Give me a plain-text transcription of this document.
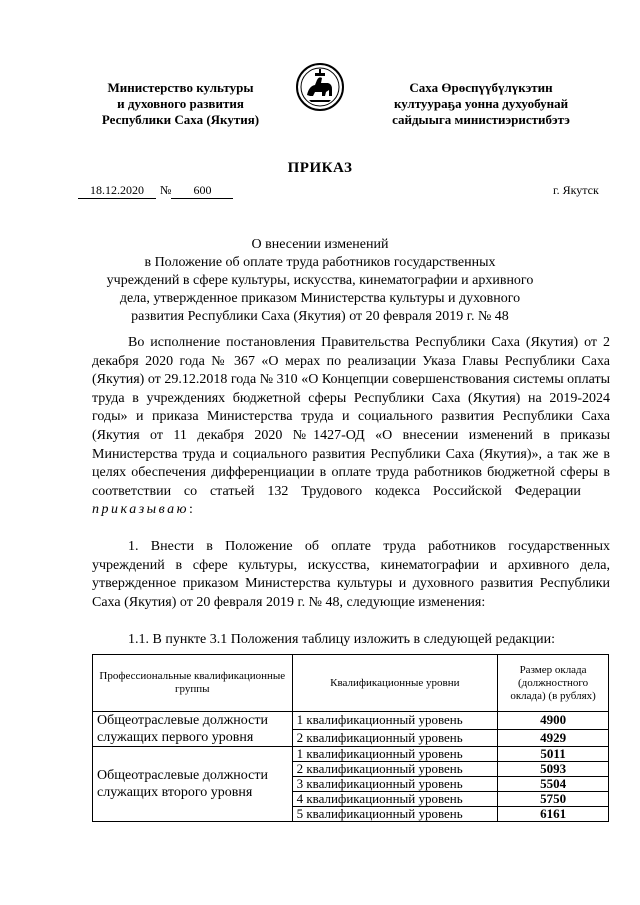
Министерство культуры
и духовного развития
Республики Саха (Якутия)
Саха Өрөспүүбүлүкэтин
култуураҕа уонна духуобунай
сайдыыга министиэристибэтэ
ПРИКАЗ
18.12.2020 № 600	г. Якутск
О внесении изменений
в Положение об оплате труда работников государственных
учреждений в сфере культуры, искусства, кинематографии и архивного
дела, утвержденное приказом Министерства культуры и духовного
развития Республики Саха (Якутия) от 20 февраля 2019 г. № 48
Во исполнение постановления Правительства Республики Саха (Якутия) от 2 декабря 2020 года № 367 «О мерах по реализации Указа Главы Республики Саха (Якутия) от 29.12.2018 года № 310 «О Концепции совершенствования системы оплаты труда в учреждениях бюджетной сферы Республики Саха (Якутия) на 2019-2024 годы» и приказа Министерства труда и социального развития Республики Саха (Якутия от 11 декабря 2020 №1427-ОД «О внесении изменений в приказы Министерства труда и социального развития Республики Саха (Якутия)», а так же в целях обеспечения дифференциации в оплате труда работников бюджетной сферы в соответствии со статьей 132 Трудового кодекса Российской Федерации    приказываю:
1. Внести в Положение об оплате труда работников государственных учреждений в сфере культуры, искусства, кинематографии и архивного дела, утвержденное приказом Министерства культуры и духовного развития Республики Саха (Якутия) от 20 февраля 2019 г. № 48, следующие изменения:
1.1. В пункте 3.1 Положения таблицу изложить в следующей редакции:
Профессиональные квалификационные группы	Квалификационные уровни	Размер оклада (должностного оклада) (в рублях)
Общеотраслевые должности служащих первого уровня	1 квалификационный уровень	4900
	2 квалификационный уровень	4929
Общеотраслевые должности служащих второго уровня	1 квалификационный уровень	5011
	2 квалификационный уровень	5093
	3 квалификационный уровень	5504
	4 квалификационный уровень	5750
	5 квалификационный уровень	6161
